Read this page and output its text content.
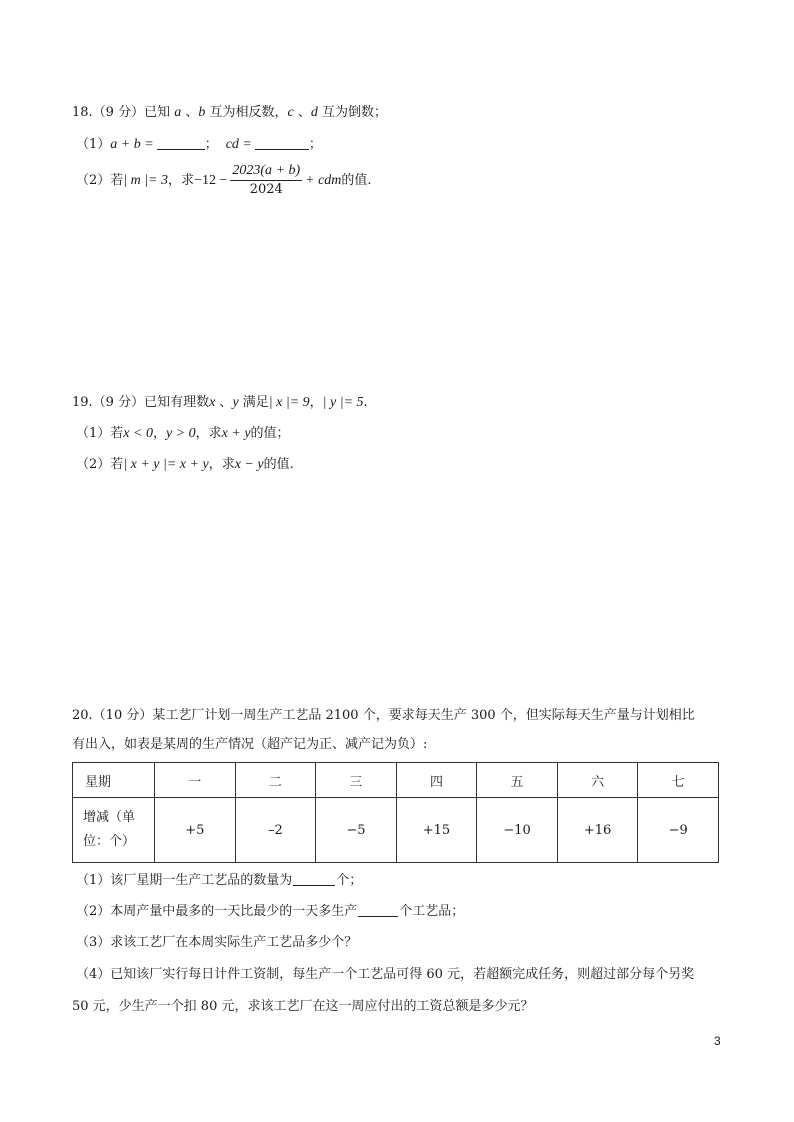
18.（9 分）已知 a 、b 互为相反数，c 、d 互为倒数；
（1）a + b =	； cd =	；
（2）若| m |= 3，求$-12 - \frac{2023(a + b)}{2024}$ + cdm的值.
19.（9 分）已知有理数x 、y 满足| x |= 9，| y |= 5.
（1）若x < 0，y > 0，求x + y的值；
（2）若| x + y |= x + y，求x − y的值.
20.（10 分）某工艺厂计划一周生产工艺品 2100 个，要求每天生产 300 个，但实际每天生产量与计划相比
有出入，如表是某周的生产情况（超产记为正、减产记为负）:
星期	一	二	三	四	五	六	七
增减（单
位：个）	+5	–2	−5	+15	−10	+16	−9
（1）该厂星期一生产工艺品的数量为	个；
（2）本周产量中最多的一天比最少的一天多生产	个工艺品；
（3）求该工艺厂在本周实际生产工艺品多少个？
（4）已知该厂实行每日计件工资制，每生产一个工艺品可得 60 元，若超额完成任务，则超过部分每个另奖
50 元，少生产一个扣 80 元，求该工艺厂在这一周应付出的工资总额是多少元？
3
